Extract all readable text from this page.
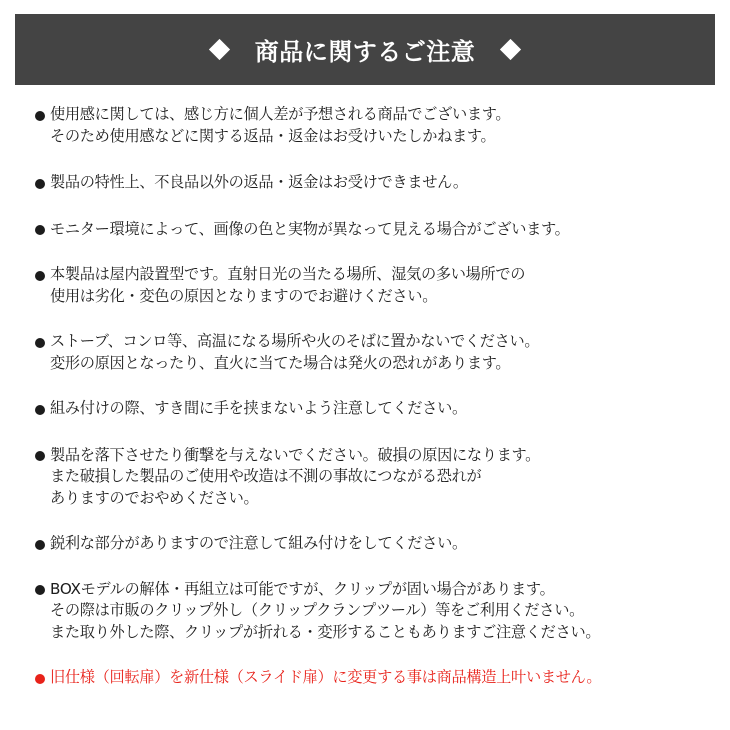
商品に関するご注意
使用感に関しては、感じ方に個人差が予想される商品でございます。
そのため使用感などに関する返品・返金はお受けいたしかねます。
製品の特性上、不良品以外の返品・返金はお受けできません。
モニター環境によって、画像の色と実物が異なって見える場合がございます。
本製品は屋内設置型です。直射日光の当たる場所、湿気の多い場所での
使用は劣化・変色の原因となりますのでお避けください。
ストーブ、コンロ等、高温になる場所や火のそばに置かないでください。
変形の原因となったり、直火に当てた場合は発火の恐れがあります。
組み付けの際、すき間に手を挟まないよう注意してください。
製品を落下させたり衝撃を与えないでください。破損の原因になります。
また破損した製品のご使用や改造は不測の事故につながる恐れが
ありますのでおやめください。
鋭利な部分がありますので注意して組み付けをしてください。
BOXモデルの解体・再組立は可能ですが、クリップが固い場合があります。
その際は市販のクリップ外し（クリップクランプツール）等をご利用ください。
また取り外した際、クリップが折れる・変形することもありますご注意ください。
旧仕様（回転扉）を新仕様（スライド扉）に変更する事は商品構造上叶いません。
